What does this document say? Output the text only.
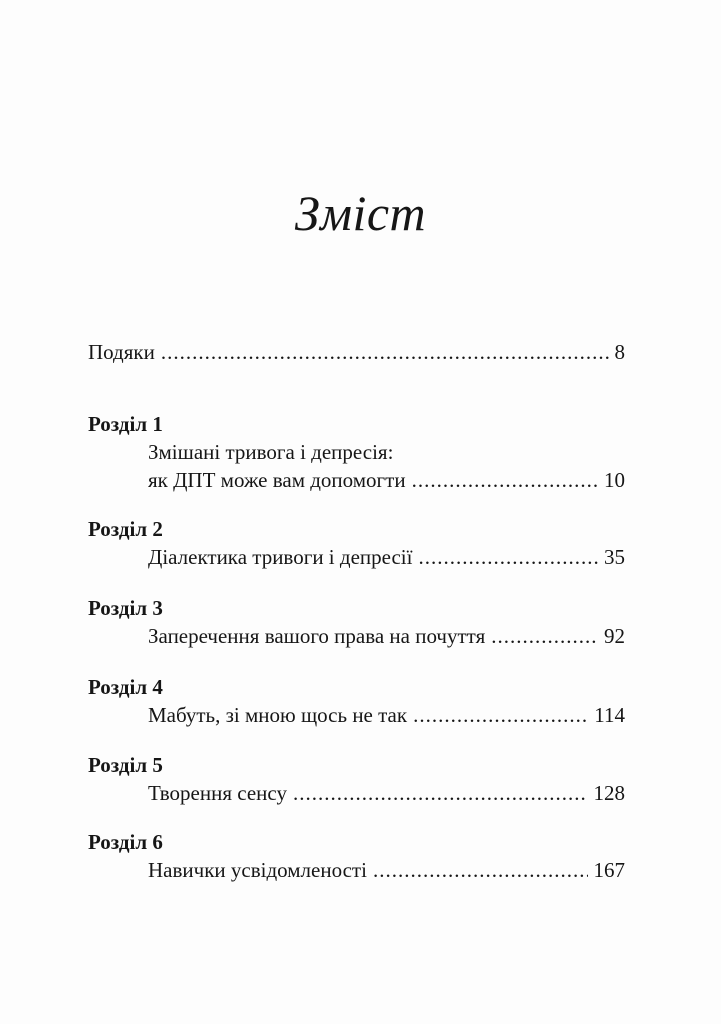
Зміст
Подяки .....	8
Розділ 1
Змішані тривога і депресія:
як ДПТ може вам допомогти .....	10
Розділ 2
Діалектика тривоги і депресії .....	35
Розділ 3
Заперечення вашого права на почуття .....	92
Розділ 4
Мабуть, зі мною щось не так .....	114
Розділ 5
Творення сенсу .....	128
Розділ 6
Навички усвідомленості .....	167
